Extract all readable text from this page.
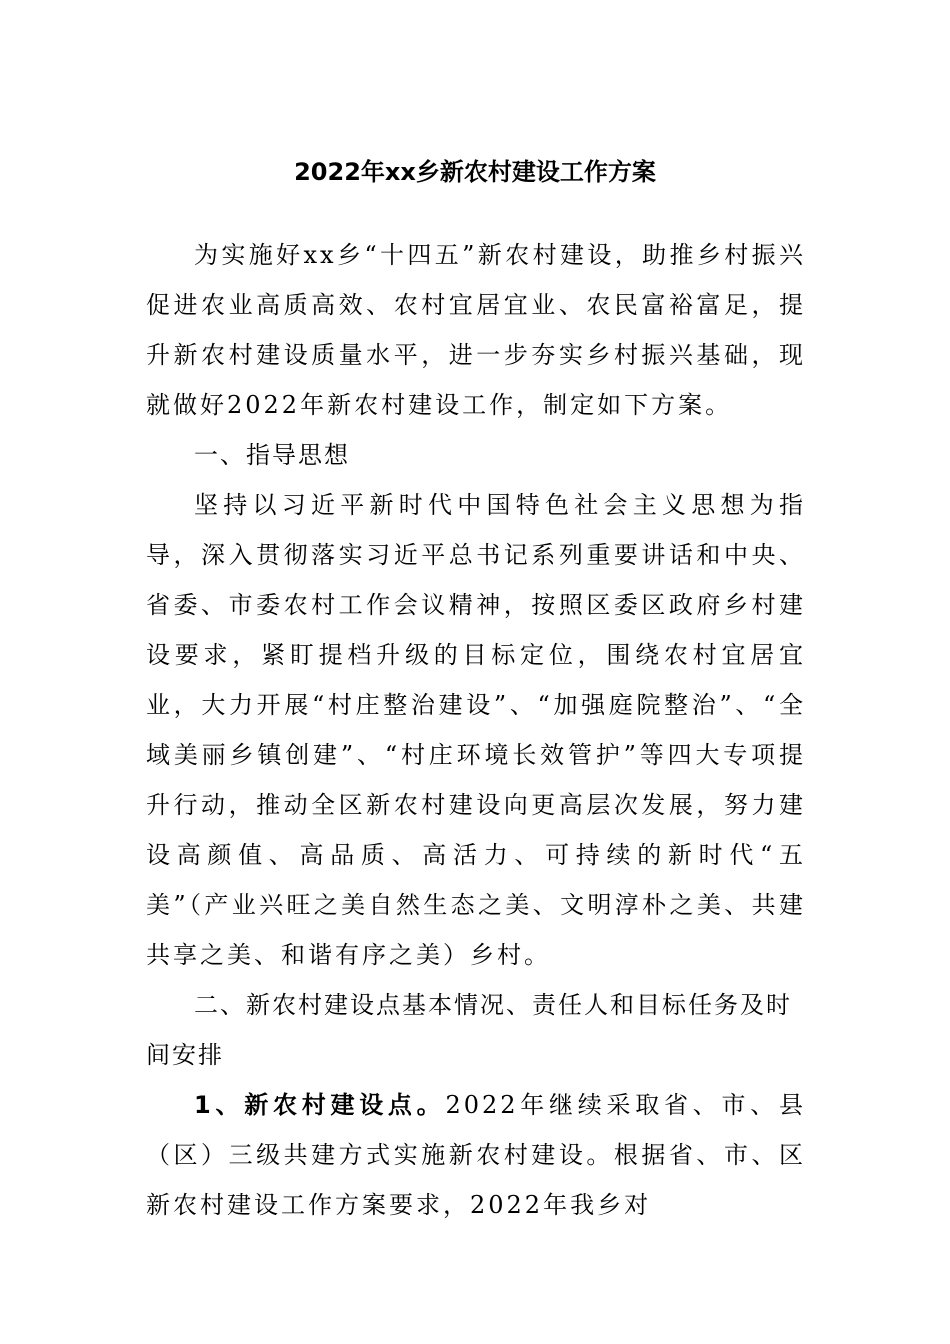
2022年xx乡新农村建设工作方案

为实施好xx乡“十四五”新农村建设，助推乡村振兴促进农业高质高效、农村宜居宜业、农民富裕富足，提升新农村建设质量水平，进一步夯实乡村振兴基础，现就做好2022年新农村建设工作，制定如下方案。

一、指导思想

坚持以习近平新时代中国特色社会主义思想为指导，深入贯彻落实习近平总书记系列重要讲话和中央、省委、市委农村工作会议精神，按照区委区政府乡村建设要求，紧盯提档升级的目标定位，围绕农村宜居宜业，大力开展“村庄整治建设”、“加强庭院整治”、“全域美丽乡镇创建”、“村庄环境长效管护”等四大专项提升行动，推动全区新农村建设向更高层次发展，努力建设高颜值、高品质、高活力、可持续的新时代“五美”（产业兴旺之美自然生态之美、文明淳朴之美、共建共享之美、和谐有序之美）乡村。

二、新农村建设点基本情况、责任人和目标任务及时间安排

1、新农村建设点。2022年继续采取省、市、县（区）三级共建方式实施新农村建设。根据省、市、区新农村建设工作方案要求，2022年我乡对
